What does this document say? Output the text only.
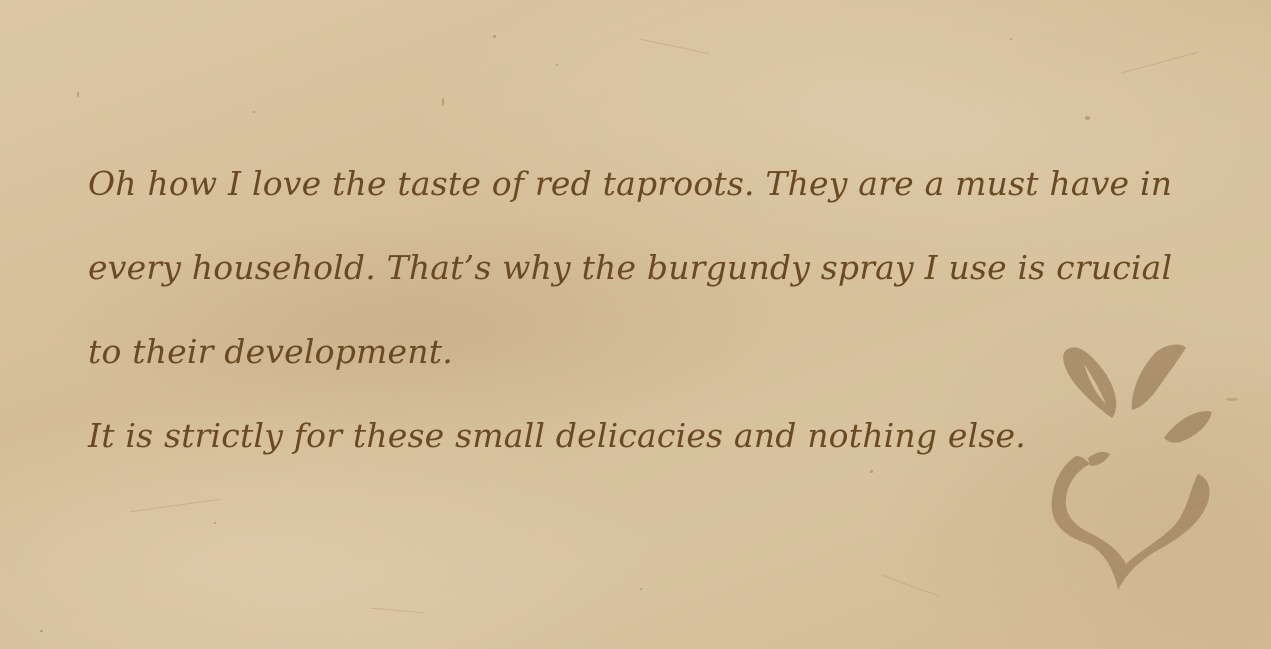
Oh how I love the taste of red taproots. They are a must have in every household. That’s why the burgundy spray I use is crucial to their development.

It is strictly for these small delicacies and nothing else.
